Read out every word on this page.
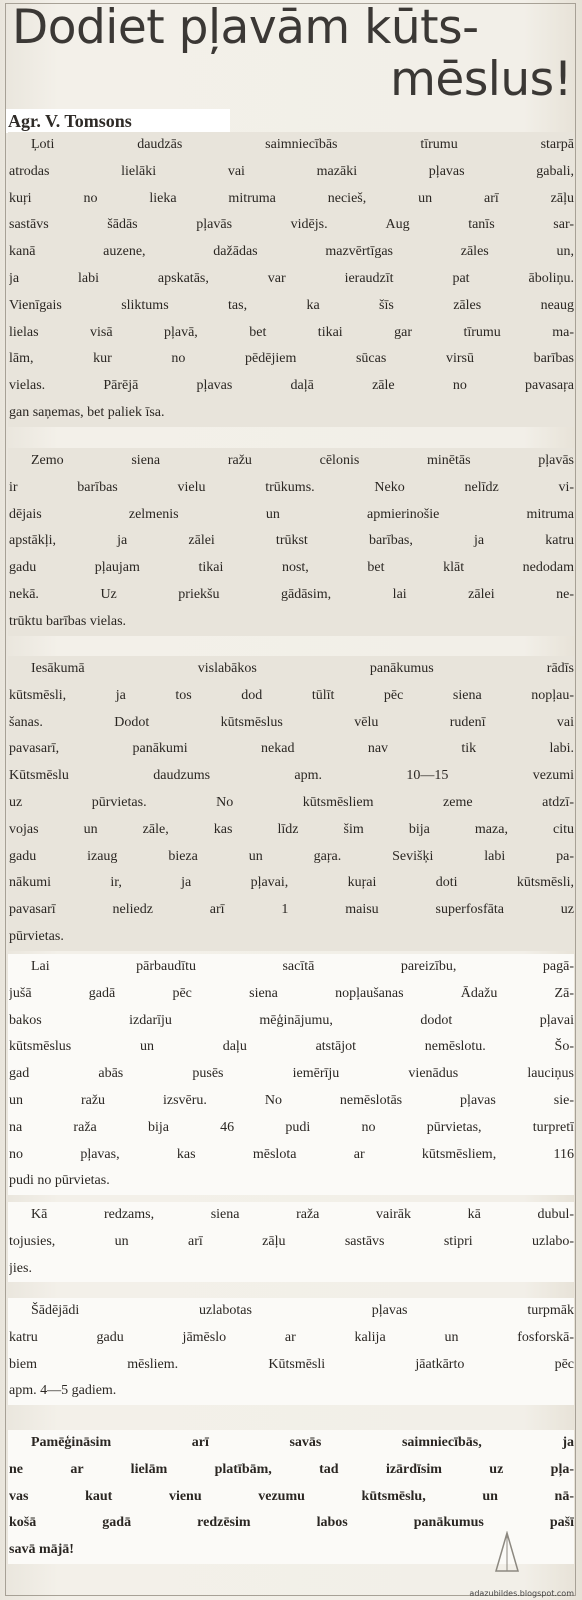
Dodiet pļavām kūts-
mēslus!
Agr. V. Tomsons
Ļoti daudzās saimniecībās tīrumu starpā
atrodas lielāki vai mazāki pļavas gabali,
kuŗi no lieka mitruma necieš, un arī zāļu
sastāvs šādās pļavās vidējs. Aug tanīs sar-
kanā auzene, dažādas mazvērtīgas zāles un,
ja labi apskatās, var ieraudzīt pat āboliņu.
Vienīgais sliktums tas, ka šīs zāles neaug
lielas visā pļavā, bet tikai gar tīrumu ma-
lām, kur no pēdējiem sūcas virsū barības
vielas. Pārējā pļavas daļā zāle no pavasaŗa
gan saņemas, bet paliek īsa.
Zemo siena ražu cēlonis minētās pļavās
ir barības vielu trūkums. Neko nelīdz vi-
dējais zelmenis un apmierinošie mitruma
apstākļi, ja zālei trūkst barības, ja katru
gadu pļaujam tikai nost, bet klāt nedodam
nekā. Uz priekšu gādāsim, lai zālei ne-
trūktu barības vielas.
Iesākumā vislabākos panākumus rādīs
kūtsmēsli, ja tos dod tūlīt pēc siena nopļau-
šanas. Dodot kūtsmēslus vēlu rudenī vai
pavasarī, panākumi nekad nav tik labi.
Kūtsmēslu daudzums apm. 10—15 vezumi
uz pūrvietas. No kūtsmēsliem zeme atdzī-
vojas un zāle, kas līdz šim bija maza, citu
gadu izaug bieza un gaŗa. Sevišķi labi pa-
nākumi ir, ja pļavai, kuŗai doti kūtsmēsli,
pavasarī neliedz arī 1 maisu superfosfāta uz
pūrvietas.
Lai pārbaudītu sacītā pareizību, pagā-
jušā gadā pēc siena nopļaušanas Ādažu Zā-
bakos izdarīju mēģinājumu, dodot pļavai
kūtsmēslus un daļu atstājot nemēslotu. Šo-
gad abās pusēs iemērīju vienādus lauciņus
un ražu izsvēru. No nemēslotās pļavas sie-
na raža bija 46 pudi no pūrvietas, turpretī
no pļavas, kas mēslota ar kūtsmēsliem, 116
pudi no pūrvietas.
Kā redzams, siena raža vairāk kā dubul-
tojusies, un arī zāļu sastāvs stipri uzlabo-
jies.
Šādējādi uzlabotas pļavas turpmāk
katru gadu jāmēslo ar kalija un fosforskā-
biem mēsliem. Kūtsmēsli jāatkārto pēc
apm. 4—5 gadiem.
Pamēģināsim arī savās saimniecībās, ja
ne ar lielām platībām, tad izārdīsim uz pļa-
vas kaut vienu vezumu kūtsmēslu, un nā-
košā gadā redzēsim labos panākumus pašī
savā mājā!
adazubildes.blogspot.com
